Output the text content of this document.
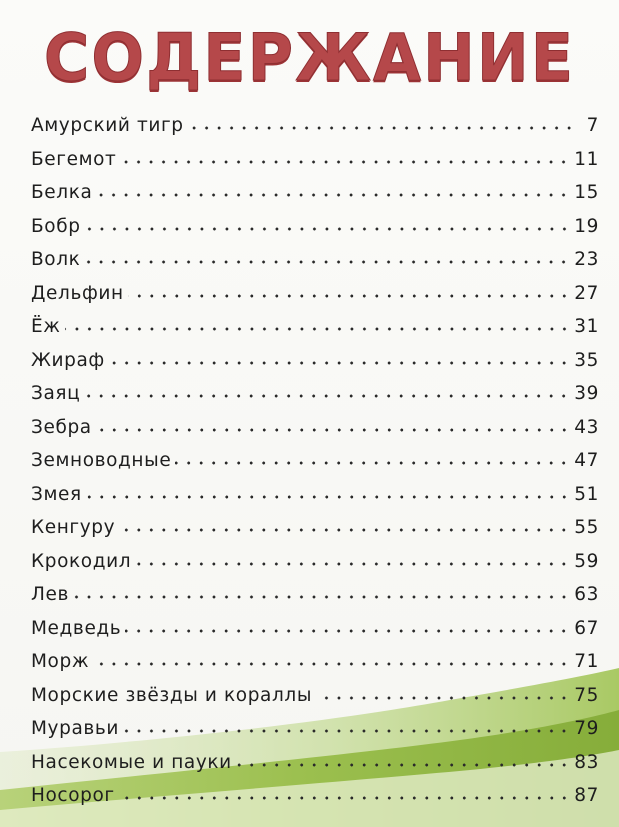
СОДЕРЖАНИЕ
Амурский тигр	7
Бегемот	11
Белка	15
Бобр	19
Волк	23
Дельфин	27
Ёж	31
Жираф	35
Заяц	39
Зебра	43
Земноводные	47
Змея	51
Кенгуру	55
Крокодил	59
Лев	63
Медведь	67
Морж	71
Морские звёзды и кораллы	75
Муравьи	79
Насекомые и пауки	83
Носорог	87
